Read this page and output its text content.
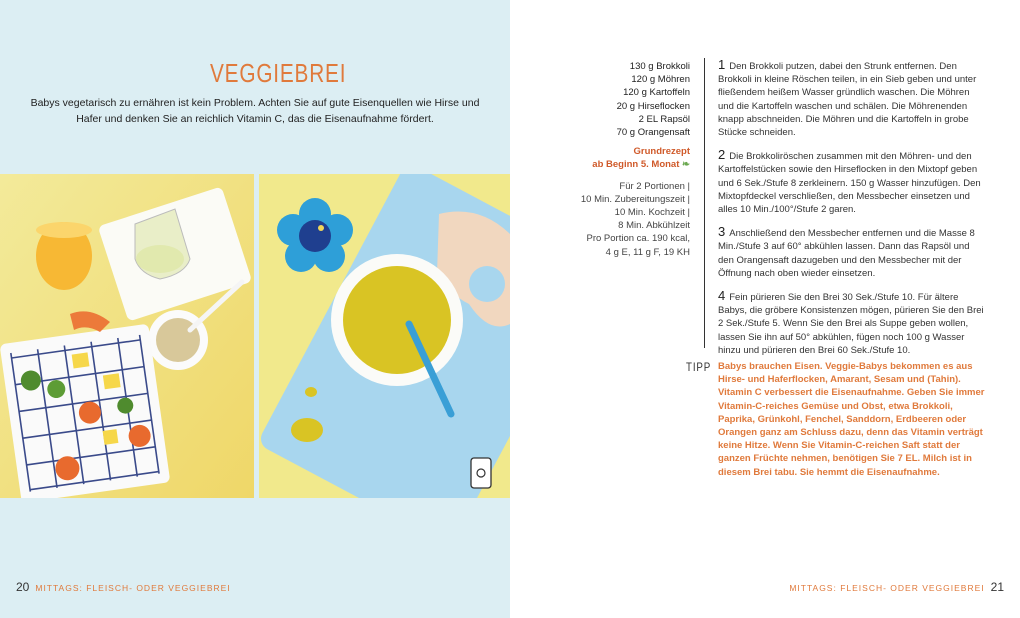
VEGGIEBREI
Babys vegetarisch zu ernähren ist kein Problem. Achten Sie auf gute Eisenquellen wie Hirse und Hafer und denken Sie an reichlich Vitamin C, das die Eisenaufnahme fördert.
20 MITTAGS: FLEISCH- ODER VEGGIEBREI
130 g Brokkoli
120 g Möhren
120 g Kartoffeln
20 g Hirseflocken
2 EL Rapsöl
70 g Orangensaft
Grundrezept
ab Beginn 5. Monat ❧
Für 2 Portionen |
10 Min. Zubereitungszeit |
10 Min. Kochzeit |
8 Min. Abkühlzeit
Pro Portion ca. 190 kcal,
4 g E, 11 g F, 19 KH
1 Den Brokkoli putzen, dabei den Strunk entfernen. Den Brokkoli in kleine Röschen teilen, in ein Sieb geben und unter fließendem heißem Wasser gründlich waschen. Die Möhren und die Kartoffeln waschen und schälen. Die Möhrenenden knapp abschneiden. Die Möhren und die Kartoffeln in grobe Stücke schneiden.
2 Die Brokkoliröschen zusammen mit den Möhren- und den Kartoffelstücken sowie den Hirseflocken in den Mixtopf geben und 6 Sek./Stufe 8 zerkleinern. 150 g Wasser hinzufügen. Den Mixtopfdeckel verschließen, den Messbecher einsetzen und alles 10 Min./100°/Stufe 2 garen.
3 Anschließend den Messbecher entfernen und die Masse 8 Min./Stufe 3 auf 60° abkühlen lassen. Dann das Rapsöl und den Orangensaft dazugeben und den Messbecher mit der Öffnung nach oben wieder einsetzen.
4 Fein pürieren Sie den Brei 30 Sek./Stufe 10. Für ältere Babys, die gröbere Konsistenzen mögen, pürieren Sie den Brei 2 Sek./Stufe 5. Wenn Sie den Brei als Suppe geben wollen, lassen Sie ihn auf 50° abkühlen, fügen noch 100 g Wasser hinzu und pürieren den Brei 60 Sek./Stufe 10.
TIPP Babys brauchen Eisen. Veggie-Babys bekommen es aus Hirse- und Haferflocken, Amarant, Sesam und (Tahin). Vitamin C verbessert die Eisenaufnahme. Geben Sie immer Vitamin-C-reiches Gemüse und Obst, etwa Brokkoli, Paprika, Grünkohl, Fenchel, Sanddorn, Erdbeeren oder Orangen ganz am Schluss dazu, denn das Vitamin verträgt keine Hitze. Wenn Sie Vitamin-C-reichen Saft statt der ganzen Früchte nehmen, benötigen Sie 7 EL. Milch ist in diesem Brei tabu. Sie hemmt die Eisenaufnahme.
MITTAGS: FLEISCH- ODER VEGGIEBREI 21
